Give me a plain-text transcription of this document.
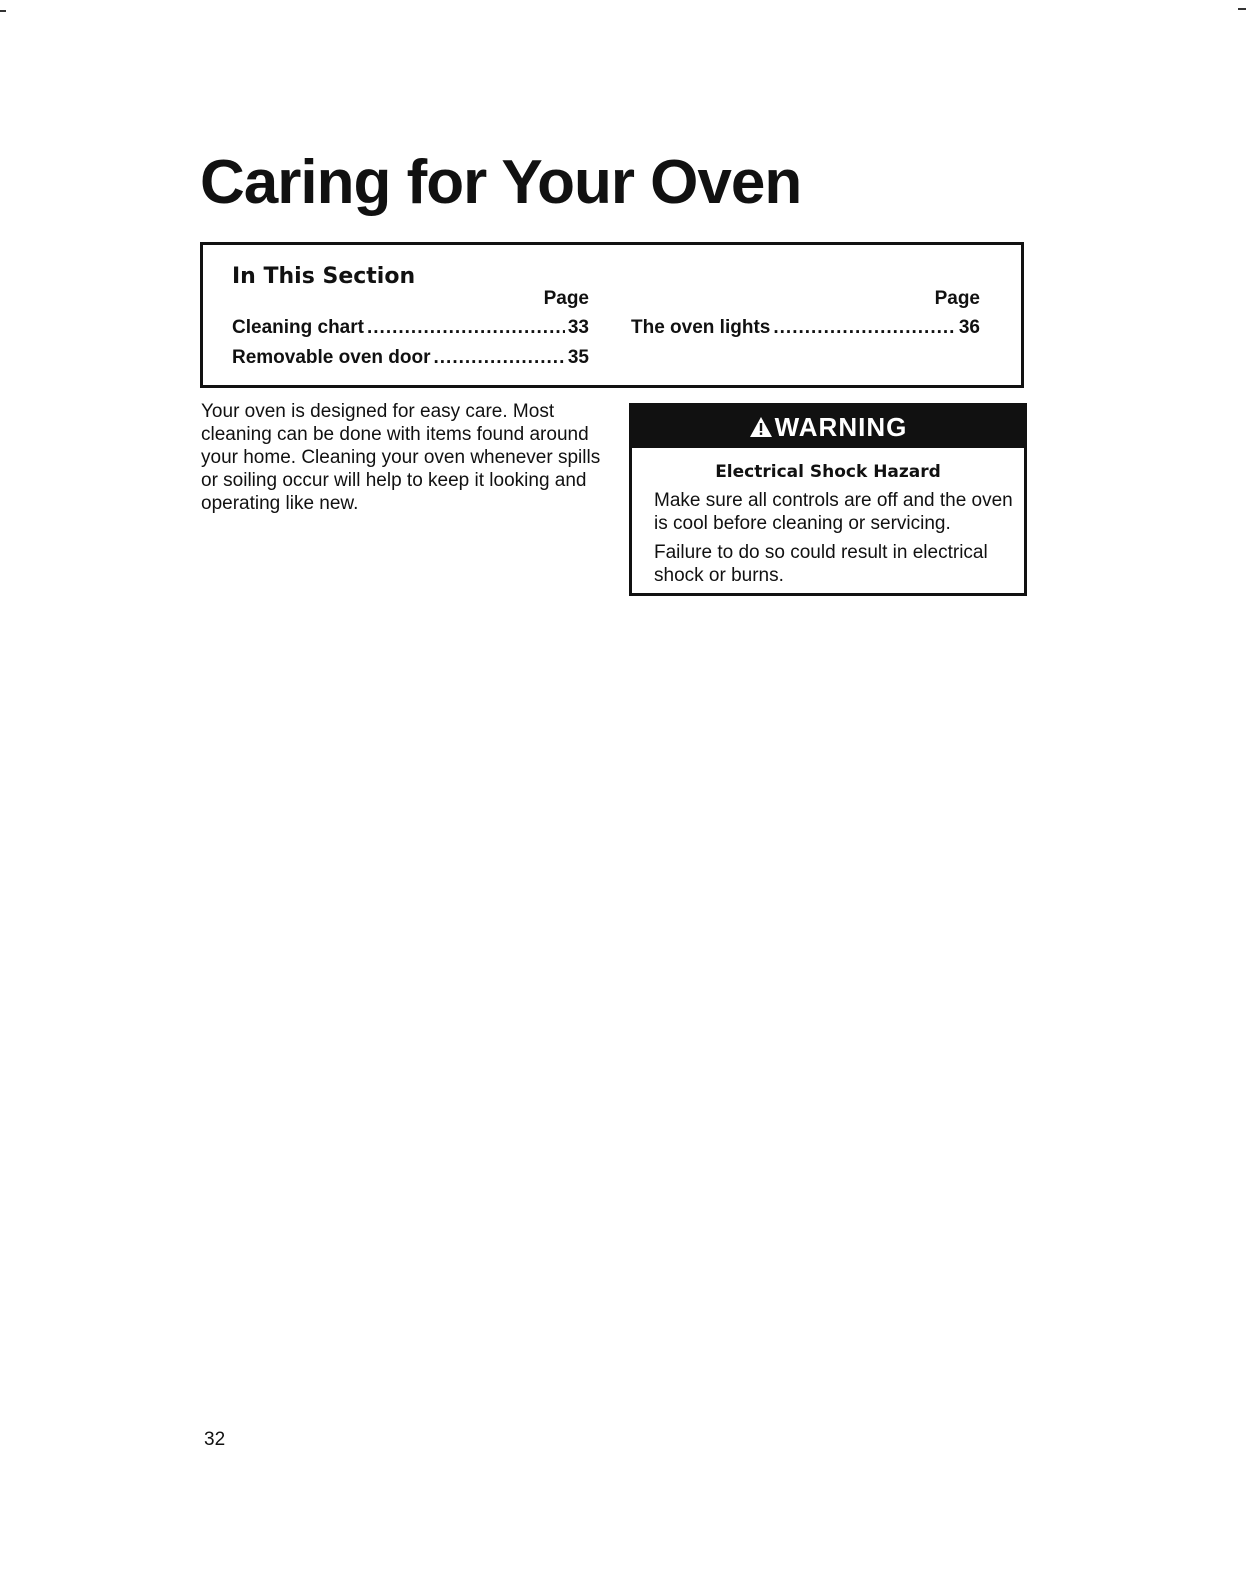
Caring for Your Oven
In This Section
Page
Cleaning chart .....	33
Removable oven door .....	35
Page
The oven lights .....	36

Your oven is designed for easy care. Most cleaning can be done with items found around your home. Cleaning your oven whenever spills or soiling occur will help to keep it looking and operating like new.

WARNING
Electrical Shock Hazard

Make sure all controls are off and the oven is cool before cleaning or servicing.

Failure to do so could result in electrical shock or burns.

32
